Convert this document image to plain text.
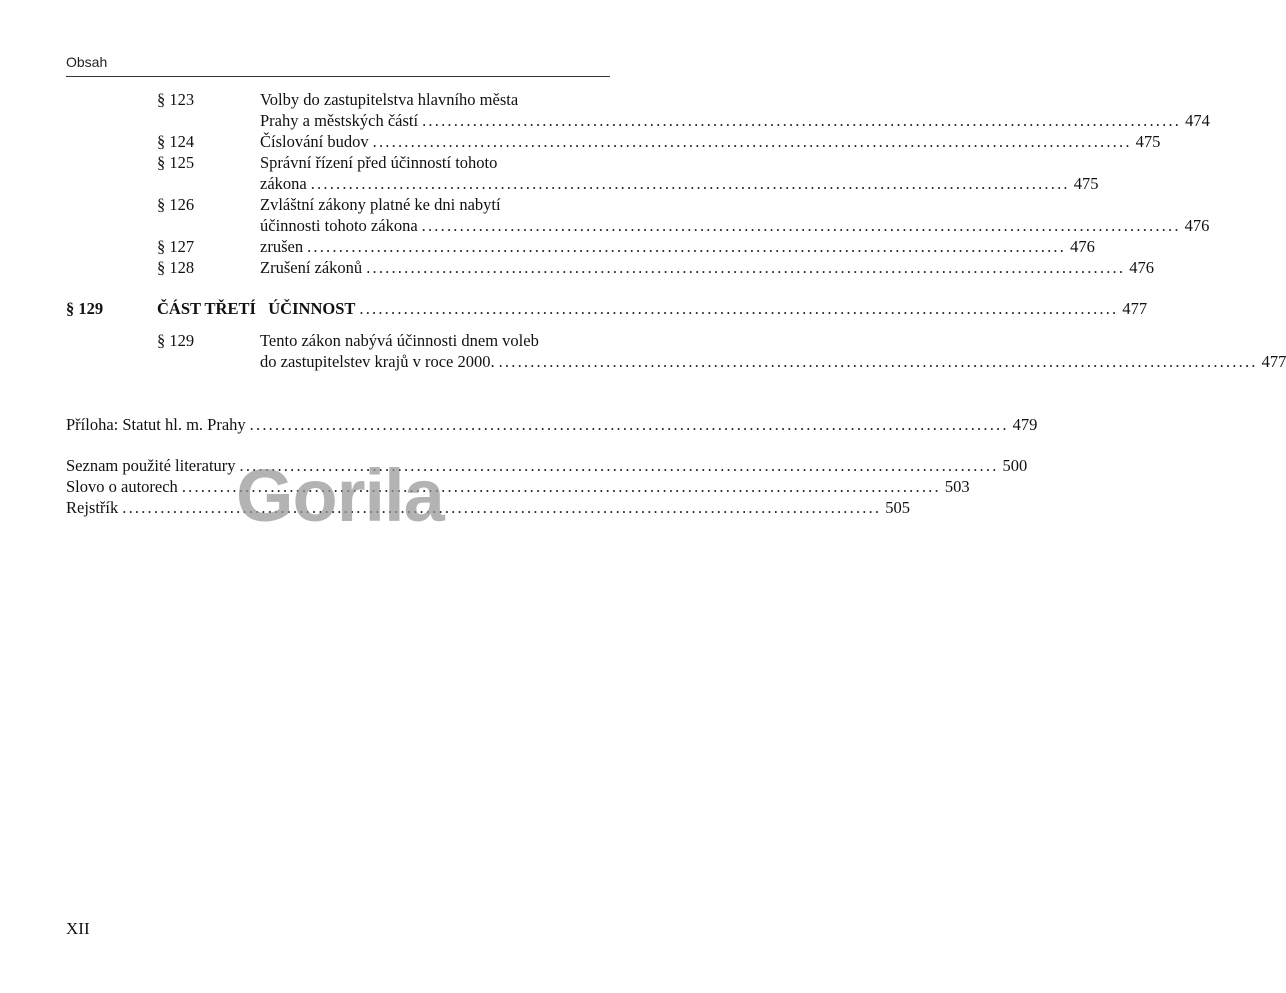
Obsah
§ 123	Volby do zastupitelstva hlavního města
Prahy a městských částí ........................................................................................................................ 474
§ 124	Číslování budov ........................................................................................................................ 475
§ 125	Správní řízení před účinností tohoto
zákona ........................................................................................................................ 475
§ 126	Zvláštní zákony platné ke dni nabytí
účinnosti tohoto zákona ........................................................................................................................ 476
§ 127	zrušen ........................................................................................................................ 476
§ 128	Zrušení zákonů ........................................................................................................................ 476
§ 129	ČÁST TŘETÍ   ÚČINNOST ........................................................................................................................ 477
§ 129	Tento zákon nabývá účinnosti dnem voleb
do zastupitelstev krajů v roce 2000. ........................................................................................................................ 477
Příloha: Statut hl. m. Prahy ........................................................................................................................ 479
Seznam použité literatury ........................................................................................................................ 500
Slovo o autorech ........................................................................................................................ 503
Rejstřík ........................................................................................................................ 505
Gorila
XII
